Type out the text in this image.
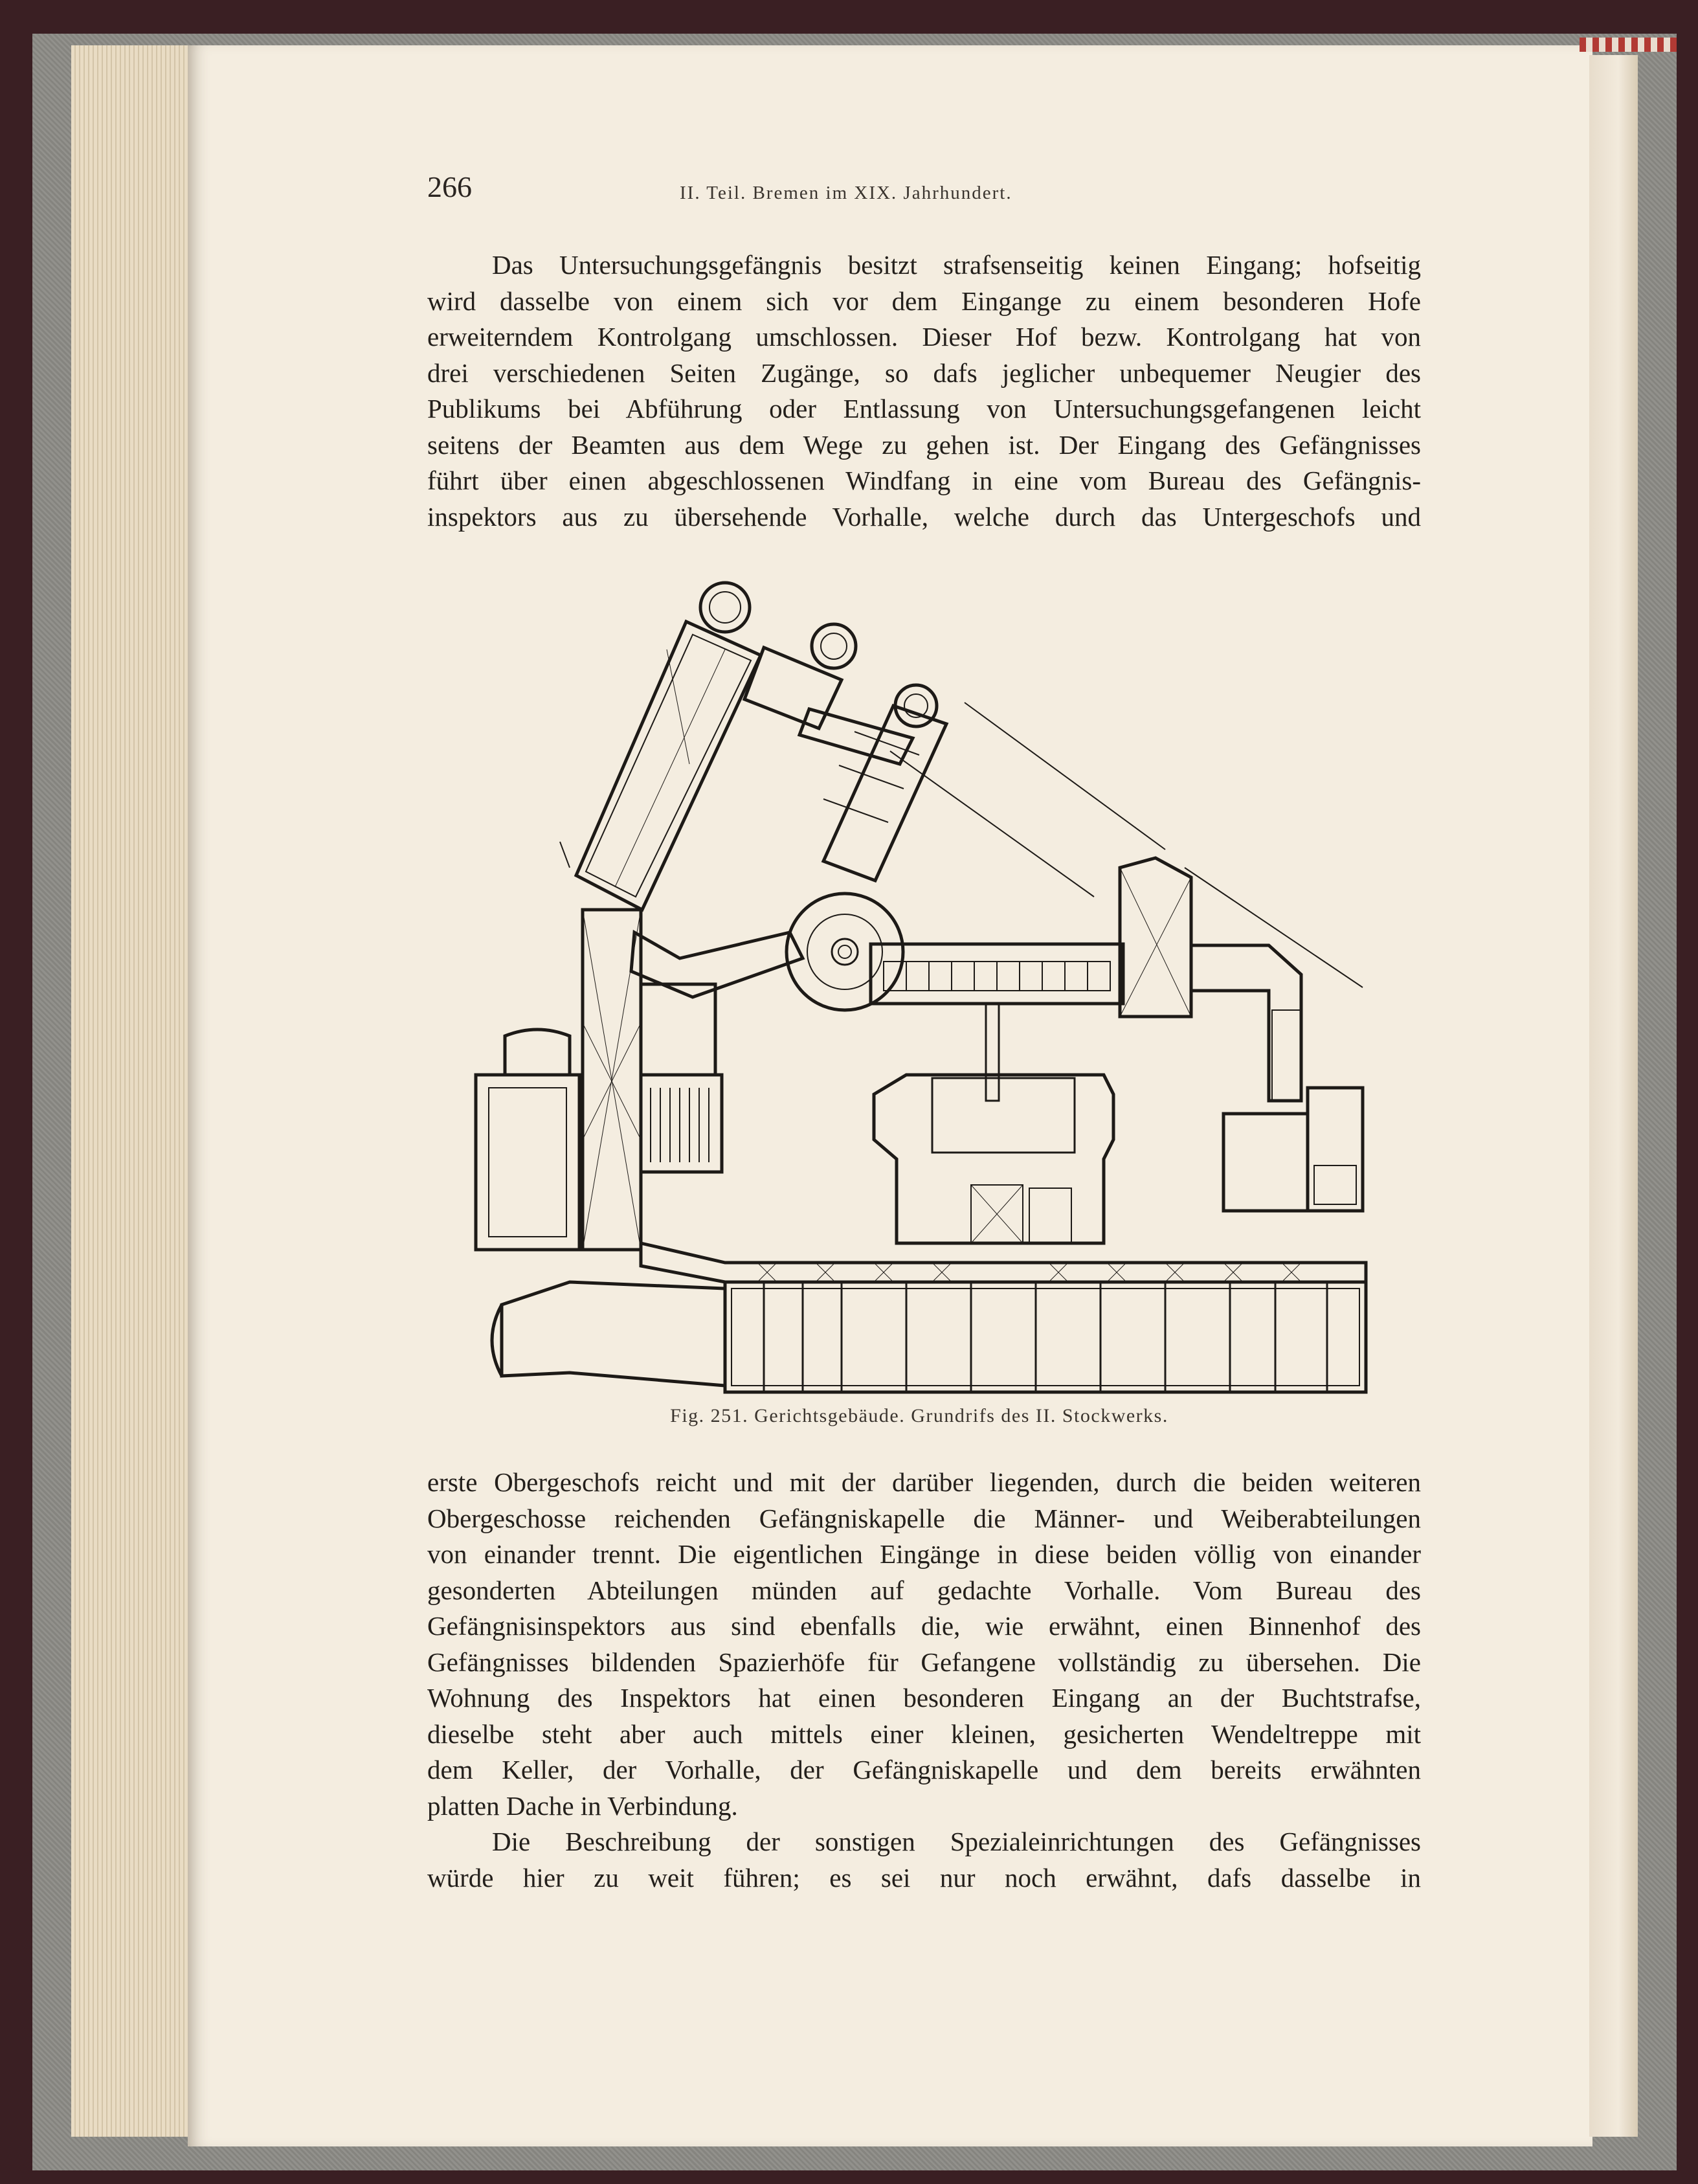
266	II. Teil. Bremen im XIX. Jahrhundert.
Das Untersuchungsgefängnis besitzt strafsenseitig keinen Eingang; hofseitig
wird dasselbe von einem sich vor dem Eingange zu einem besonderen Hofe
erweiterndem Kontrolgang umschlossen. Dieser Hof bezw. Kontrolgang hat von
drei verschiedenen Seiten Zugänge, so dafs jeglicher unbequemer Neugier des
Publikums bei Abführung oder Entlassung von Untersuchungsgefangenen leicht
seitens der Beamten aus dem Wege zu gehen ist. Der Eingang des Gefängnisses
führt über einen abgeschlossenen Windfang in eine vom Bureau des Gefängnis-
inspektors aus zu übersehende Vorhalle, welche durch das Untergeschofs und
Fig. 251. Gerichtsgebäude. Grundrifs des II. Stockwerks.
erste Obergeschofs reicht und mit der darüber liegenden, durch die beiden weiteren
Obergeschosse reichenden Gefängniskapelle die Männer- und Weiberabteilungen
von einander trennt. Die eigentlichen Eingänge in diese beiden völlig von einander
gesonderten Abteilungen münden auf gedachte Vorhalle. Vom Bureau des
Gefängnisinspektors aus sind ebenfalls die, wie erwähnt, einen Binnenhof des
Gefängnisses bildenden Spazierhöfe für Gefangene vollständig zu übersehen. Die
Wohnung des Inspektors hat einen besonderen Eingang an der Buchtstrafse,
dieselbe steht aber auch mittels einer kleinen, gesicherten Wendeltreppe mit
dem Keller, der Vorhalle, der Gefängniskapelle und dem bereits erwähnten
platten Dache in Verbindung.
Die Beschreibung der sonstigen Spezialeinrichtungen des Gefängnisses
würde hier zu weit führen; es sei nur noch erwähnt, dafs dasselbe in
